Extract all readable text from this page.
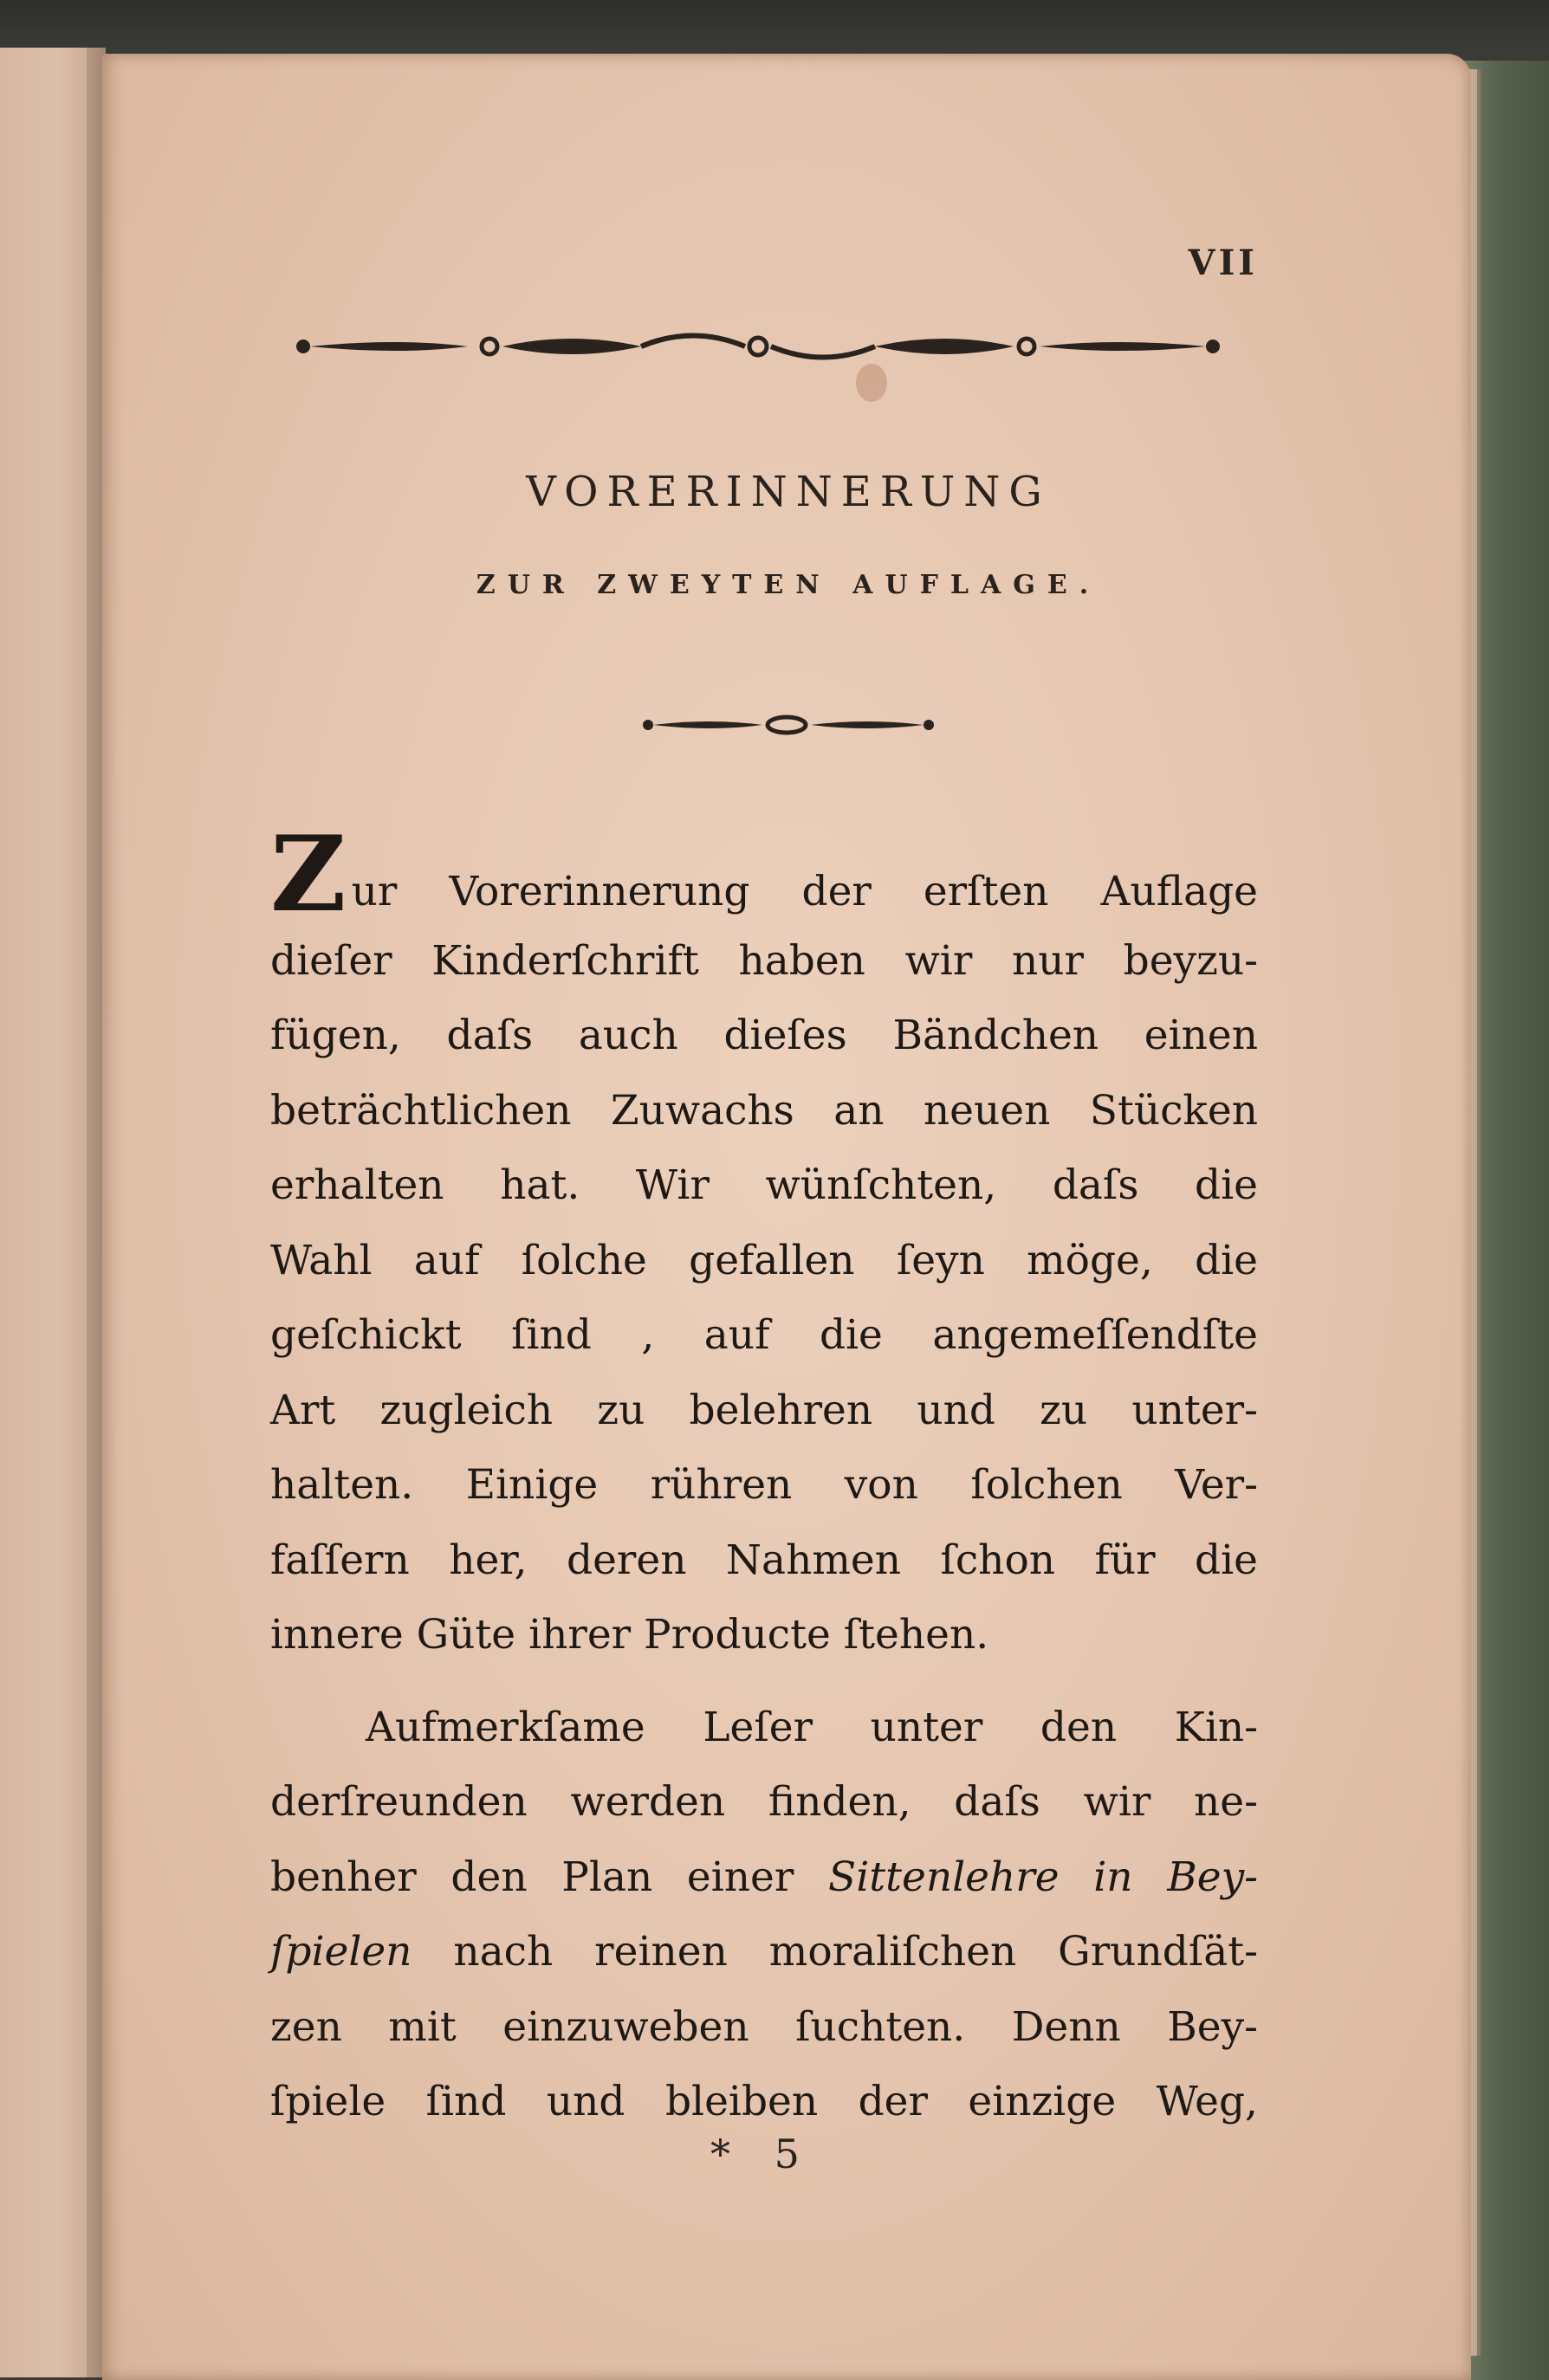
VII
VORERINNERUNG
ZUR ZWEYTEN AUFLAGE.
Zur Vorerinnerung der erſten Auflage
dieſer Kinderſchrift haben wir nur beyzu-
fügen, daſs auch dieſes Bändchen einen
beträchtlichen Zuwachs an neuen Stücken
erhalten hat. Wir wünſchten, daſs die
Wahl auf ſolche gefallen ſeyn möge, die
geſchickt ſind , auf die angemeſſendſte
Art zugleich zu belehren und zu unter-
halten. Einige rühren von ſolchen Ver-
faſſern her, deren Nahmen ſchon für die
innere Güte ihrer Producte ſtehen.
Aufmerkſame Leſer unter den Kin-
derſreunden werden finden, daſs wir ne-
benher den Plan einer Sittenlehre in Bey-
ſpielen nach reinen moraliſchen Grundſät-
zen mit einzuweben ſuchten. Denn Bey-
ſpiele ſind und bleiben der einzige Weg,
* 5
